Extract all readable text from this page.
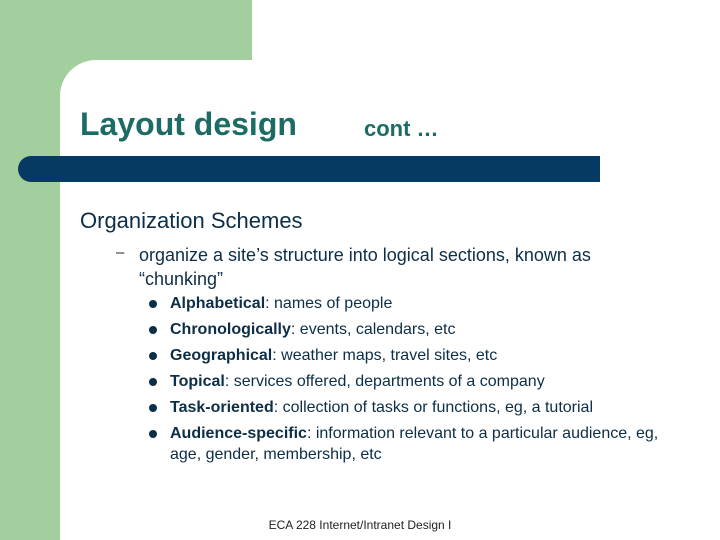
Layout design	cont …
Organization Schemes
– organize a site’s structure into logical sections, known as “chunking”
Alphabetical: names of people
Chronologically: events, calendars, etc
Geographical: weather maps, travel sites, etc
Topical: services offered, departments of a company
Task-oriented: collection of tasks or functions, eg, a tutorial
Audience-specific: information relevant to a particular audience, eg, age, gender, membership, etc
ECA 228 Internet/Intranet Design I
